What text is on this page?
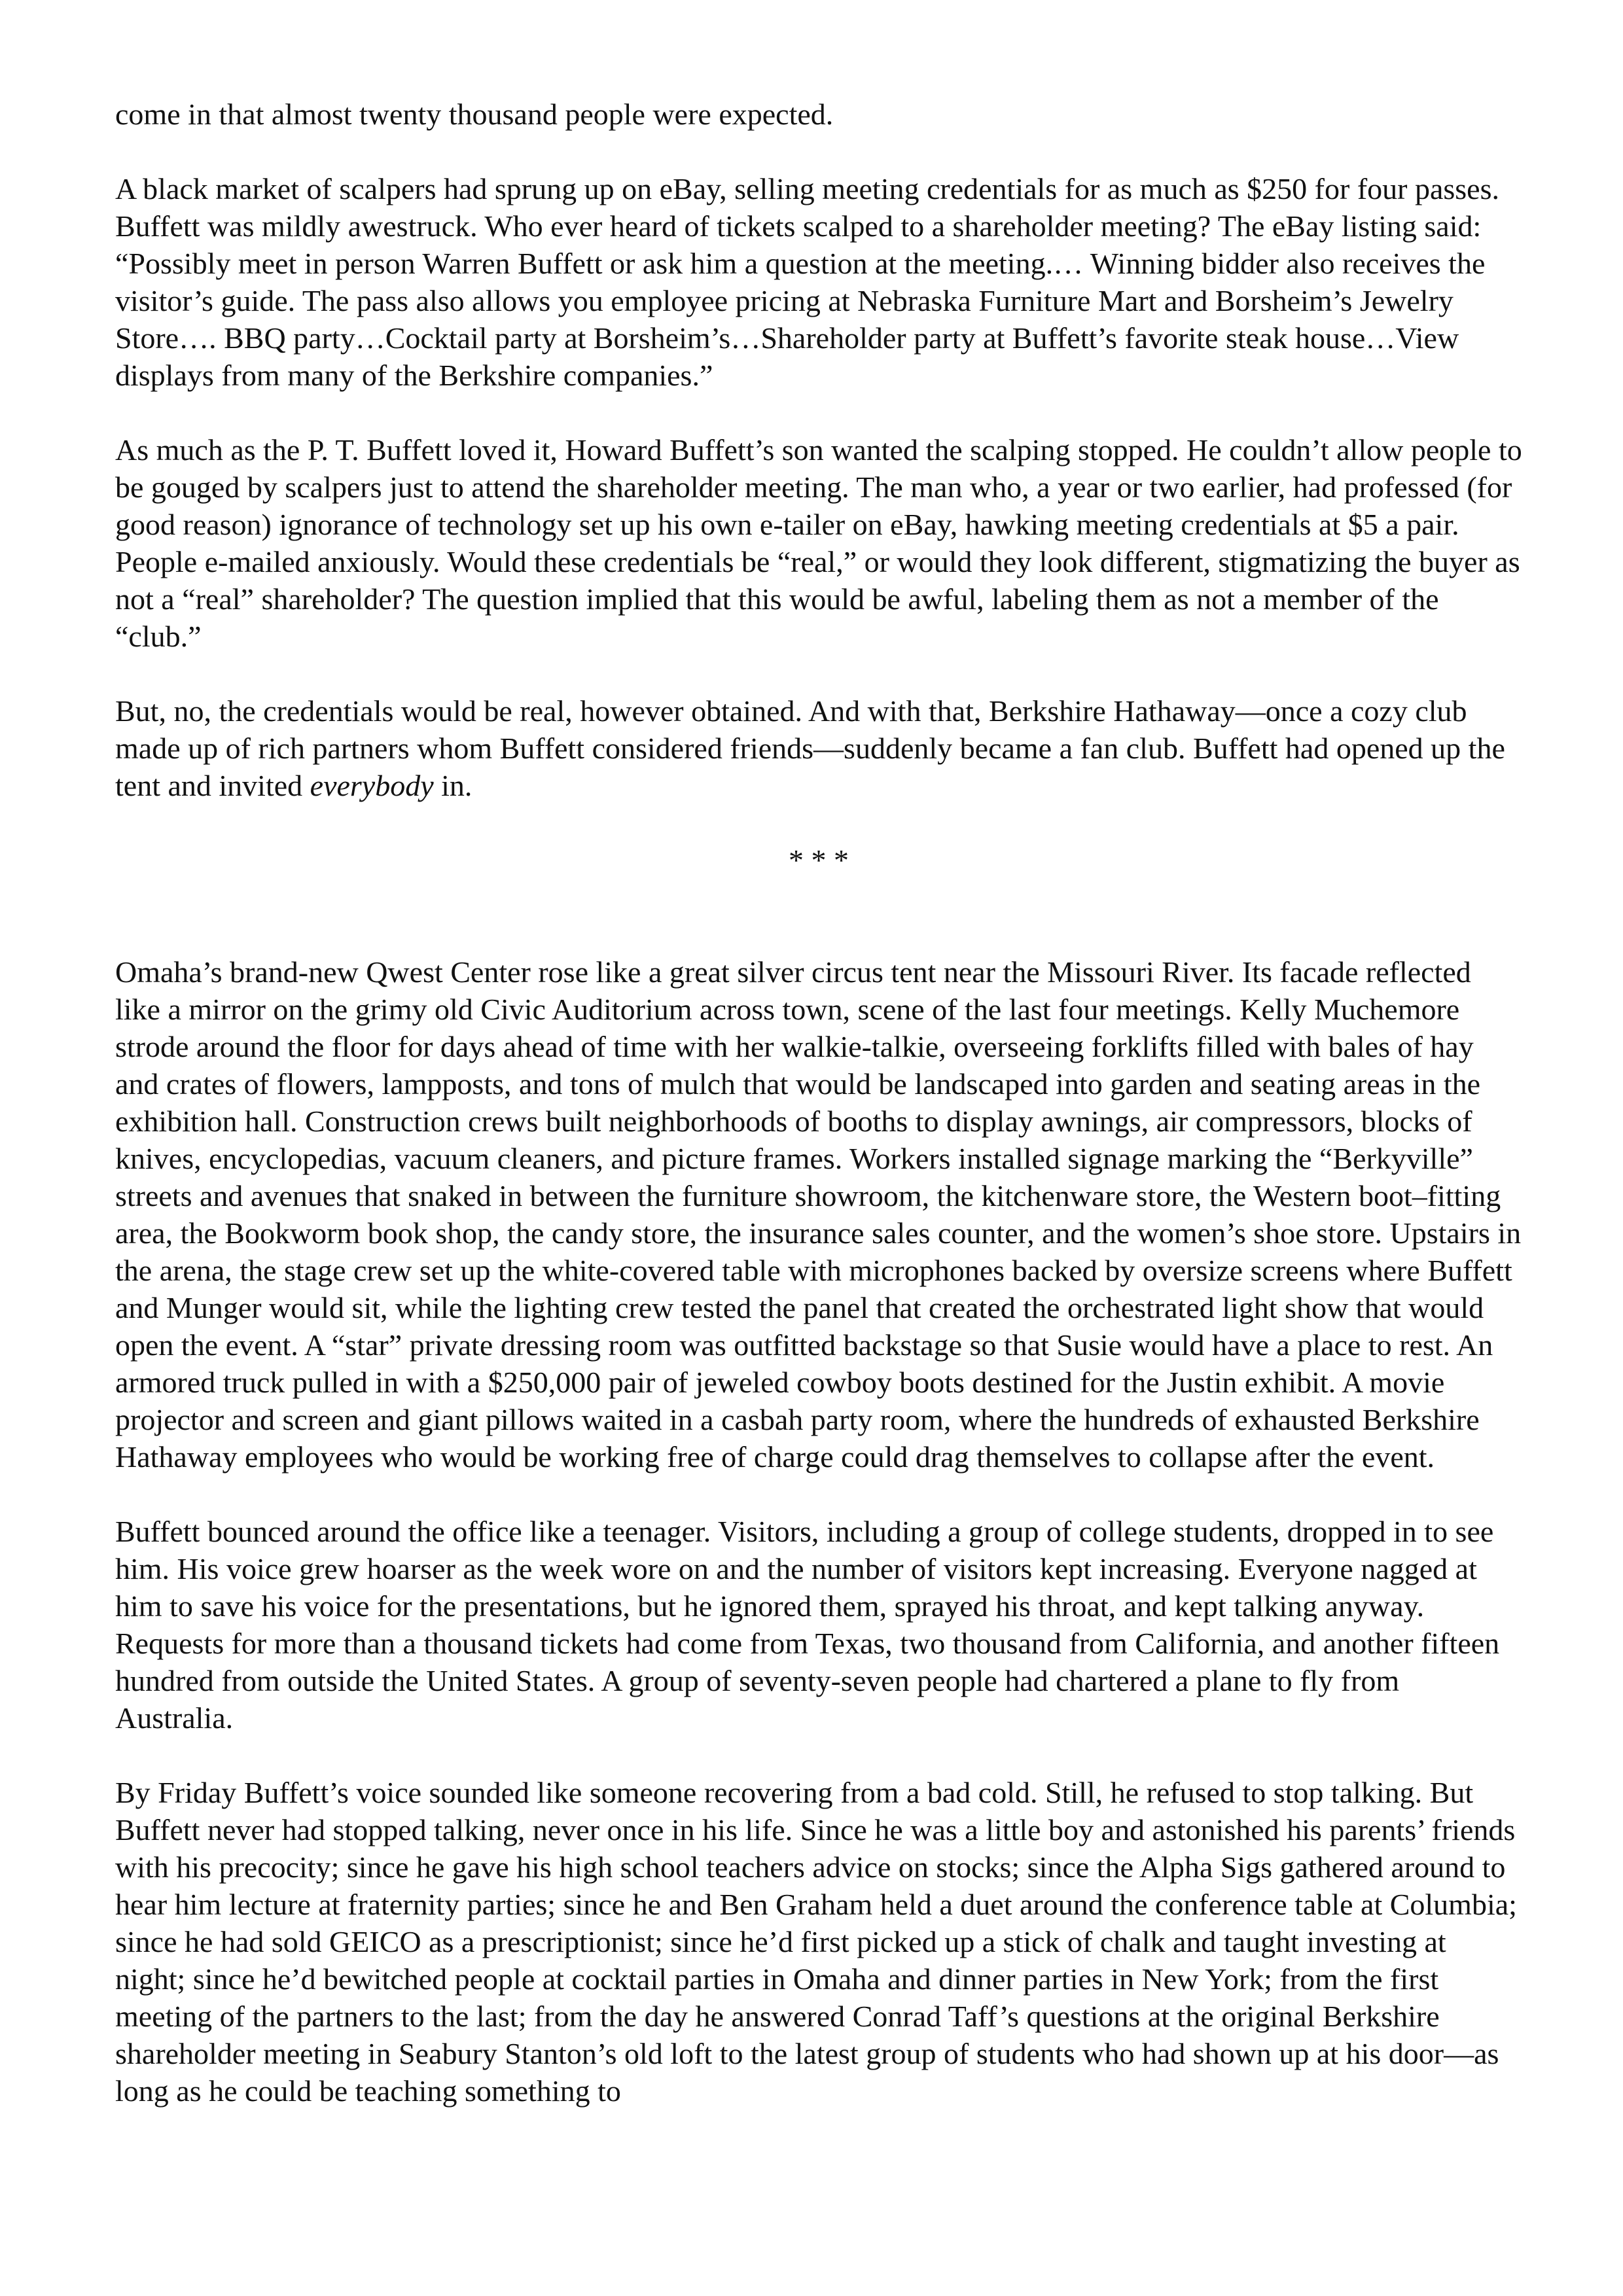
come in that almost twenty thousand people were expected.

A black market of scalpers had sprung up on eBay, selling meeting credentials for as much as $250 for four passes. Buffett was mildly awestruck. Who ever heard of tickets scalped to a shareholder meeting? The eBay listing said: “Possibly meet in person Warren Buffett or ask him a question at the meeting.… Winning bidder also receives the visitor’s guide. The pass also allows you employee pricing at Nebraska Furniture Mart and Borsheim’s Jewelry Store…. BBQ party…Cocktail party at Borsheim’s…Shareholder party at Buffett’s favorite steak house…View displays from many of the Berkshire companies.”

As much as the P. T. Buffett loved it, Howard Buffett’s son wanted the scalping stopped. He couldn’t allow people to be gouged by scalpers just to attend the shareholder meeting. The man who, a year or two earlier, had professed (for good reason) ignorance of technology set up his own e-tailer on eBay, hawking meeting credentials at $5 a pair. People e-mailed anxiously. Would these credentials be “real,” or would they look different, stigmatizing the buyer as not a “real” shareholder? The question implied that this would be awful, labeling them as not a member of the “club.”

But, no, the credentials would be real, however obtained. And with that, Berkshire Hathaway—once a cozy club made up of rich partners whom Buffett considered friends—suddenly became a fan club. Buffett had opened up the tent and invited everybody in.

* * *

Omaha’s brand-new Qwest Center rose like a great silver circus tent near the Missouri River. Its facade reflected like a mirror on the grimy old Civic Auditorium across town, scene of the last four meetings. Kelly Muchemore strode around the floor for days ahead of time with her walkie-talkie, overseeing forklifts filled with bales of hay and crates of flowers, lampposts, and tons of mulch that would be landscaped into garden and seating areas in the exhibition hall. Construction crews built neighborhoods of booths to display awnings, air compressors, blocks of knives, encyclopedias, vacuum cleaners, and picture frames. Workers installed signage marking the “Berkyville” streets and avenues that snaked in between the furniture showroom, the kitchenware store, the Western boot–fitting area, the Bookworm book shop, the candy store, the insurance sales counter, and the women’s shoe store. Upstairs in the arena, the stage crew set up the white-covered table with microphones backed by oversize screens where Buffett and Munger would sit, while the lighting crew tested the panel that created the orchestrated light show that would open the event. A “star” private dressing room was outfitted backstage so that Susie would have a place to rest. An armored truck pulled in with a $250,000 pair of jeweled cowboy boots destined for the Justin exhibit. A movie projector and screen and giant pillows waited in a casbah party room, where the hundreds of exhausted Berkshire Hathaway employees who would be working free of charge could drag themselves to collapse after the event.

Buffett bounced around the office like a teenager. Visitors, including a group of college students, dropped in to see him. His voice grew hoarser as the week wore on and the number of visitors kept increasing. Everyone nagged at him to save his voice for the presentations, but he ignored them, sprayed his throat, and kept talking anyway. Requests for more than a thousand tickets had come from Texas, two thousand from California, and another fifteen hundred from outside the United States. A group of seventy-seven people had chartered a plane to fly from Australia.

By Friday Buffett’s voice sounded like someone recovering from a bad cold. Still, he refused to stop talking. But Buffett never had stopped talking, never once in his life. Since he was a little boy and astonished his parents’ friends with his precocity; since he gave his high school teachers advice on stocks; since the Alpha Sigs gathered around to hear him lecture at fraternity parties; since he and Ben Graham held a duet around the conference table at Columbia; since he had sold GEICO as a prescriptionist; since he’d first picked up a stick of chalk and taught investing at night; since he’d bewitched people at cocktail parties in Omaha and dinner parties in New York; from the first meeting of the partners to the last; from the day he answered Conrad Taff’s questions at the original Berkshire shareholder meeting in Seabury Stanton’s old loft to the latest group of students who had shown up at his door—as long as he could be teaching something to
